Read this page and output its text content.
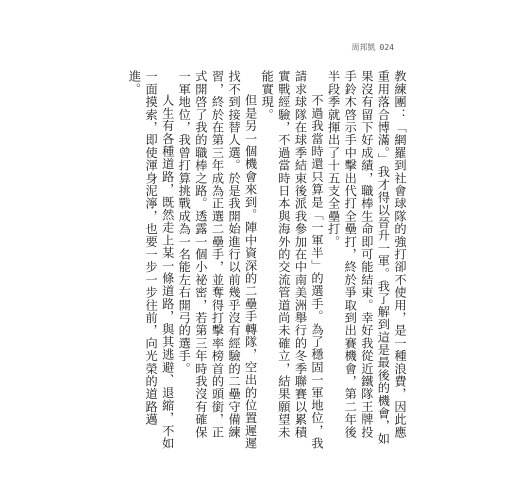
周邦凱 024

教練團：「網羅到社會球隊的強打卻不使用，是一種浪費，因此應重用落合博滿。」我才得以晉升一軍。我了解到這是最後的機會，如果沒有留下好成績，職棒生命即可能結束。幸好我從近鐵隊王牌投手鈴木啓示手中擊出代打全壘打，終於爭取到出賽機會，第二年後半段季就揮出了十五支全壘打。

不過我當時還只算是「一軍半」的選手。為了穩固一軍地位，我請求球隊在球季結束後派我參加在中南美洲舉行的冬季聯賽以累積實戰經驗，不過當時日本與海外的交流管道尚未確立，結果願望未能實現。

但是另一個機會來到。陣中資深的二壘手轉隊，空出的位置遲遲找不到接替人選。於是我開始進行以前幾乎沒有經驗的二壘守備練習，終於在第三年成為正選二壘手，並奪得打擊率榜首的頭銜，正式開啓了我的職棒之路。透露一個小祕密，若第三年時我沒有確保一軍地位，我曾打算挑戰成為一名能左右開弓的選手。

人生有各種道路，既然走上某一條道路，與其逃避、退縮，不如一面摸索，即使渾身泥濘，也要一步一步往前，向光榮的道路邁進。
